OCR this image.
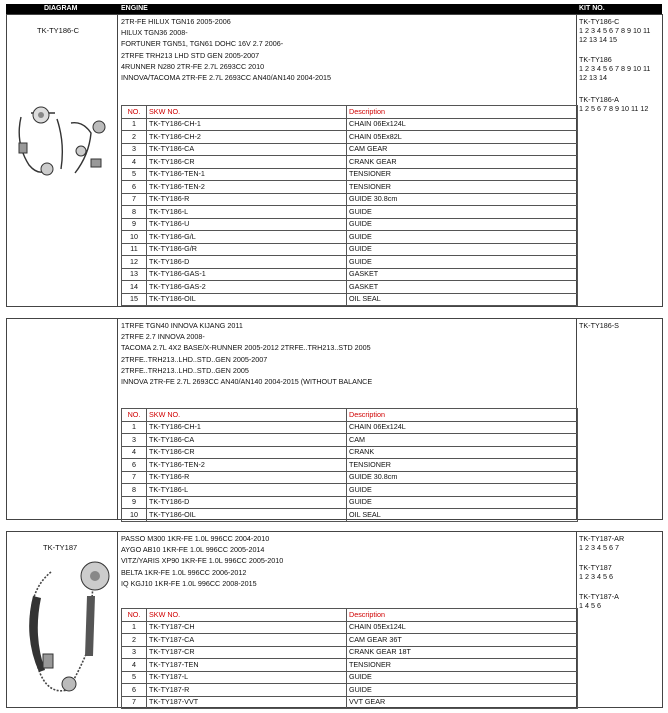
DIAGRAM	ENGINE	KIT NO.
TK-TY186-C
2TR-FE HILUX TGN16 2005-2006
HILUX TGN36 2008-
FORTUNER TGN51, TGN61 DOHC 16V 2.7 2006-
2TRFE TRH213 LHD STD GEN 2005-2007
4RUNNER N280 2TR-FE 2.7L 2693CC 2010
INNOVA/TACOMA 2TR-FE 2.7L 2693CC AN40/AN140 2004-2015
TK-TY186-C
1 2 3 4 5 6 7 8 9 10 11
12 13 14 15
TK-TY186
1 2 3 4 5 6 7 8 9 10 11
12 13 14
TK-TY186-A
1 2 5 6 7 8 9 10 11 12
NO.	SKW NO.	Description
1	TK-TY186-CH-1	CHAIN 06Ex124L
2	TK-TY186-CH-2	CHAIN 05Ex82L
3	TK-TY186-CA	CAM GEAR
4	TK-TY186-CR	CRANK GEAR
5	TK-TY186-TEN-1	TENSIONER
6	TK-TY186-TEN-2	TENSIONER
7	TK-TY186-R	GUIDE 30.8cm
8	TK-TY186-L	GUIDE
9	TK-TY186-U	GUIDE
10	TK-TY186-G/L	GUIDE
11	TK-TY186-G/R	GUIDE
12	TK-TY186-D	GUIDE
13	TK-TY186-GAS-1	GASKET
14	TK-TY186-GAS-2	GASKET
15	TK-TY186-OIL	OIL SEAL
1TRFE TGN40 INNOVA KIJANG 2011
2TRFE 2.7 INNOVA 2008-
TACOMA 2.7L 4X2 BASE/X-RUNNER 2005-2012 2TRFE..TRH213..STD 2005
2TRFE..TRH213..LHD..STD..GEN 2005-2007
2TRFE..TRH213..LHD..STD..GEN 2005
INNOVA 2TR-FE 2.7L 2693CC AN40/AN140 2004-2015 (WITHOUT BALANCE
TK-TY186-S
NO.	SKW NO.	Description
1	TK-TY186-CH-1	CHAIN 06Ex124L
3	TK-TY186-CA	CAM
4	TK-TY186-CR	CRANK
6	TK-TY186-TEN-2	TENSIONER
7	TK-TY186-R	GUIDE 30.8cm
8	TK-TY186-L	GUIDE
9	TK-TY186-D	GUIDE
10	TK-TY186-OIL	OIL SEAL
TK-TY187
PASSO M300 1KR-FE 1.0L 996CC 2004-2010
AYGO AB10 1KR-FE 1.0L 996CC 2005-2014
VITZ/YARIS XP90 1KR-FE 1.0L 996CC 2005-2010
BELTA 1KR-FE 1.0L 996CC 2006-2012
IQ KGJ10 1KR-FE 1.0L 996CC 2008-2015
TK-TY187-AR
1 2 3 4 5 6 7
TK-TY187
1 2 3 4 5 6
TK-TY187-A
1 4 5 6
NO.	SKW NO.	Description
1	TK-TY187-CH	CHAIN 05Ex124L
2	TK-TY187-CA	CAM GEAR 36T
3	TK-TY187-CR	CRANK GEAR 18T
4	TK-TY187-TEN	TENSIONER
5	TK-TY187-L	GUIDE
6	TK-TY187-R	GUIDE
7	TK-TY187-VVT	VVT GEAR
